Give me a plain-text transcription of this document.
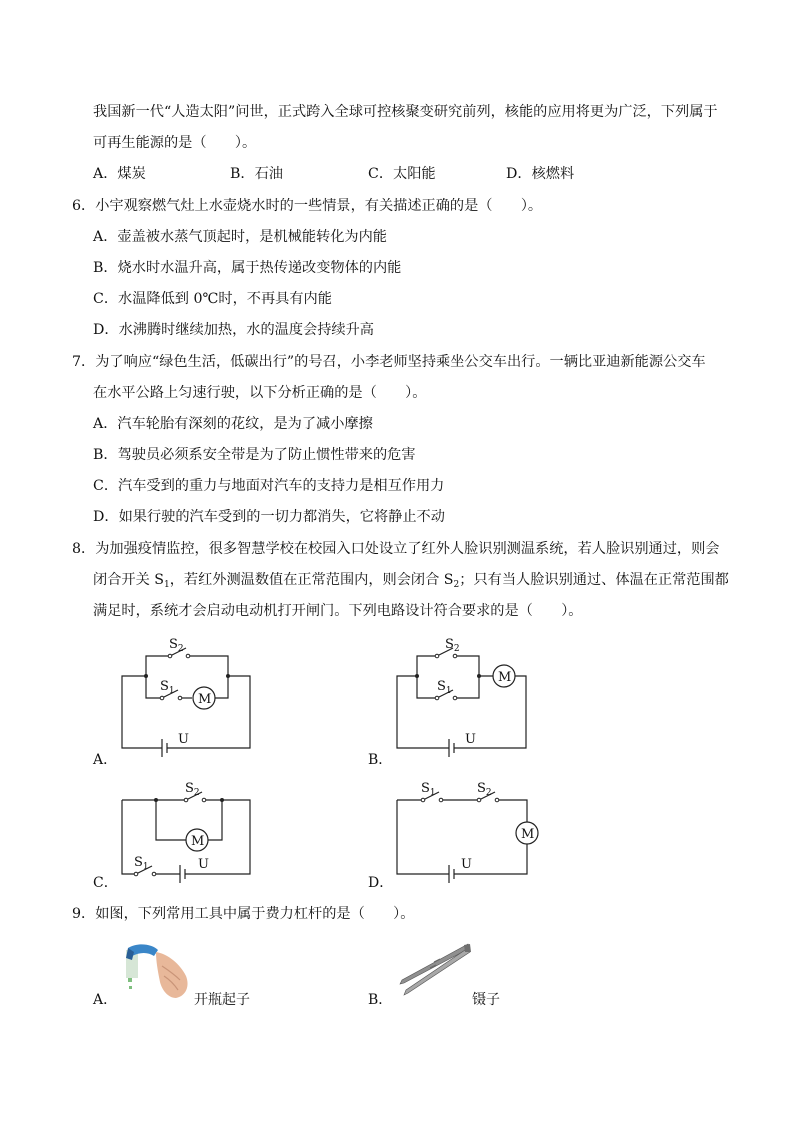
我国新一代“人造太阳”问世，正式跨入全球可控核聚变研究前列，核能的应用将更为广泛，下列属于
可再生能源的是（　　）。
A．煤炭	B．石油	C．太阳能	D．核燃料
6．小宇观察燃气灶上水壶烧水时的一些情景，有关描述正确的是（　　）。
A．壶盖被水蒸气顶起时，是机械能转化为内能
B．烧水时水温升高，属于热传递改变物体的内能
C．水温降低到 0℃时，不再具有内能
D．水沸腾时继续加热，水的温度会持续升高
7．为了响应“绿色生活，低碳出行”的号召，小李老师坚持乘坐公交车出行。一辆比亚迪新能源公交车
在水平公路上匀速行驶，以下分析正确的是（　　）。
A．汽车轮胎有深刻的花纹，是为了减小摩擦
B．驾驶员必须系安全带是为了防止惯性带来的危害
C．汽车受到的重力与地面对汽车的支持力是相互作用力
D．如果行驶的汽车受到的一切力都消失，它将静止不动
8．为加强疫情监控，很多智慧学校在校园入口处设立了红外人脸识别测温系统，若人脸识别通过，则会
闭合开关 $S_1$，若红外测温数值在正常范围内，则会闭合 $S_2$；只有当人脸识别通过、体温在正常范围都
满足时，系统才会启动电动机打开闸门。下列电路设计符合要求的是（　　）。
A．
$S_2$
$S_1$
M
U
B．
$S_2$
$S_1$
M
U
C．
$S_2$
$S_1$
M
U
D．
$S_1$	$S_2$
M
U
9．如图，下列常用工具中属于费力杠杆的是（　　）。
A．	开瓶起子	B．	镊子
